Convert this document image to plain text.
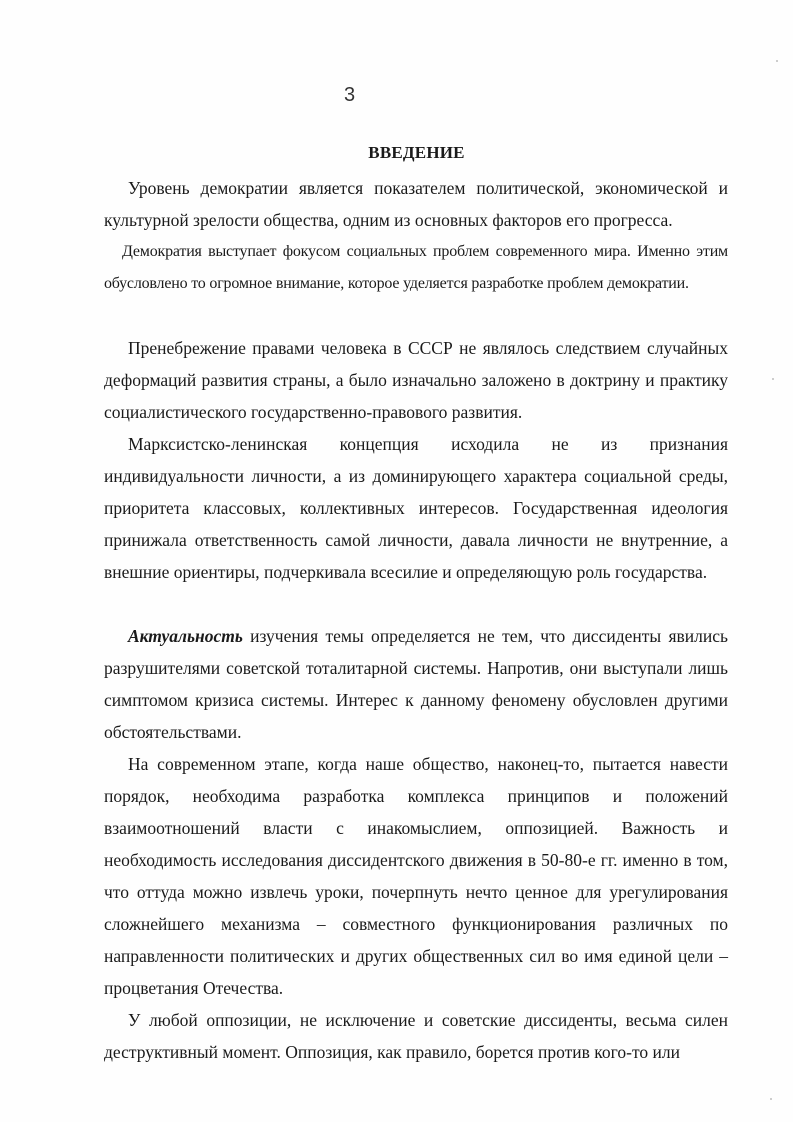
3
ВВЕДЕНИЕ

Уровень демократии является показателем политической, экономической и культурной зрелости общества, одним из основных факторов его прогресса.

Демократия выступает фокусом социальных проблем современного мира. Именно этим обусловлено то огромное внимание, которое уделяется разработке проблем демократии.

Пренебрежение правами человека в СССР не являлось следствием случайных деформаций развития страны, а было изначально заложено в доктрину и практику социалистического государственно-правового развития.

Марксистско-ленинская концепция исходила не из признания индивидуальности личности, а из доминирующего характера социальной среды, приоритета классовых, коллективных интересов. Государственная идеология принижала ответственность самой личности, давала личности не внутренние, а внешние ориентиры, подчеркивала всесилие и определяющую роль государства.

Актуальность изучения темы определяется не тем, что диссиденты явились разрушителями советской тоталитарной системы. Напротив, они выступали лишь симптомом кризиса системы. Интерес к данному феномену обусловлен другими обстоятельствами.

На современном этапе, когда наше общество, наконец-то, пытается навести порядок, необходима разработка комплекса принципов и положений взаимоотношений власти с инакомыслием, оппозицией. Важность и необходимость исследования диссидентского движения в 50-80-е гг. именно в том, что оттуда можно извлечь уроки, почерпнуть нечто ценное для урегулирования сложнейшего механизма – совместного функционирования различных по направленности политических и других общественных сил во имя единой цели – процветания Отечества.

У любой оппозиции, не исключение и советские диссиденты, весьма силен деструктивный момент. Оппозиция, как правило, борется против кого-то или
